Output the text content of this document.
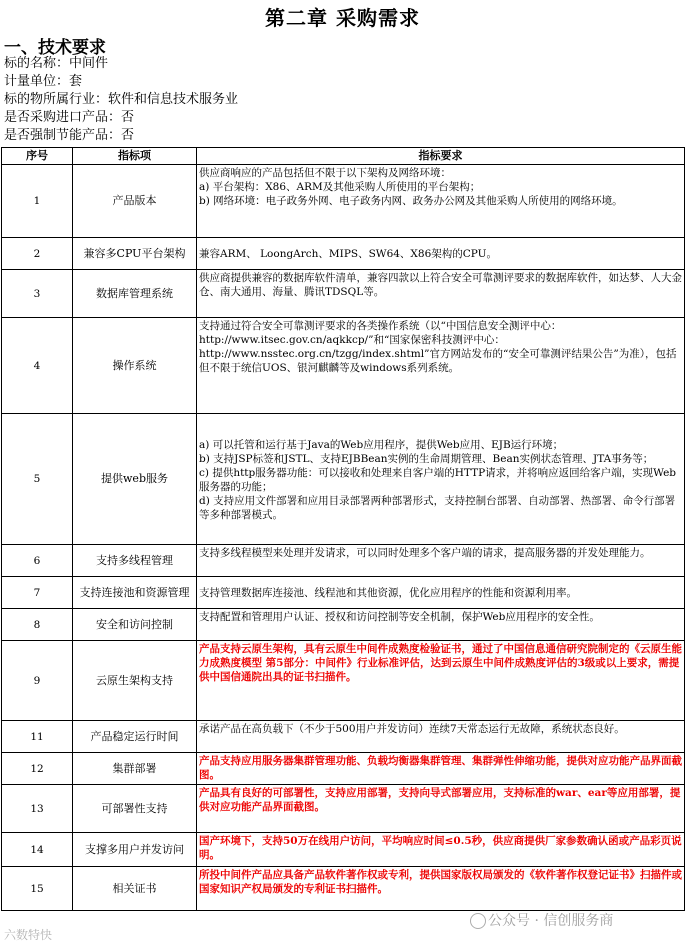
第二章 采购需求
一、技术要求
标的名称：中间件
计量单位：套
标的物所属行业：软件和信息技术服务业
是否采购进口产品：否
是否强制节能产品：否
序号	指标项	指标要求
1	产品版本	供应商响应的产品包括但不限于以下架构及网络环境：
a) 平台架构：X86、ARM及其他采购人所使用的平台架构；
b) 网络环境：电子政务外网、电子政务内网、政务办公网及其他采购人所使用的网络环境。

2	兼容多CPU平台架构	兼容ARM、 LoongArch、MIPS、SW64、X86架构的CPU。
3	数据库管理系统	供应商提供兼容的数据库软件清单，兼容四款以上符合安全可靠测评要求的数据库软件，如达梦、人大金仓、南大通用、海量、腾讯TDSQL等。
4	操作系统	支持通过符合安全可靠测评要求的各类操作系统（以“中国信息安全测评中心：http://www.itsec.gov.cn/aqkkcp/”和“国家保密科技测评中心：http://www.nsstec.org.cn/tzgg/index.shtml”官方网站发布的“安全可靠测评结果公告”为准），包括但不限于统信UOS、银河麒麟等及windows系列系统。
5	提供web服务	a) 可以托管和运行基于Java的Web应用程序，提供Web应用、EJB运行环境；
b) 支持JSP标签和JSTL、支持EJBBean实例的生命周期管理、Bean实例状态管理、JTA事务等；
c) 提供http服务器功能：可以接收和处理来自客户端的HTTP请求，并将响应返回给客户端，实现Web服务器的功能；
d) 支持应用文件部署和应用目录部署两种部署形式，支持控制台部署、自动部署、热部署、命令行部署等多种部署模式。

6	支持多线程管理	支持多线程模型来处理并发请求，可以同时处理多个客户端的请求，提高服务器的并发处理能力。
7	支持连接池和资源管理	支持管理数据库连接池、线程池和其他资源，优化应用程序的性能和资源利用率。
8	安全和访问控制	支持配置和管理用户认证、授权和访问控制等安全机制，保护Web应用程序的安全性。
9	云原生架构支持	产品支持云原生架构，具有云原生中间件成熟度检验证书，通过了中国信息通信研究院制定的《云原生能力成熟度模型 第5部分：中间件》行业标准评估，达到云原生中间件成熟度评估的3级或以上要求，需提供中国信通院出具的证书扫描件。
11	产品稳定运行时间	承诺产品在高负载下（不少于500用户并发访问）连续7天常态运行无故障，系统状态良好。
12	集群部署	产品支持应用服务器集群管理功能、负载均衡器集群管理、集群弹性伸缩功能，提供对应功能产品界面截图。
13	可部署性支持	产品具有良好的可部署性，支持应用部署，支持向导式部署应用，支持标准的war、ear等应用部署，提供对应功能产品界面截图。
14	支撑多用户并发访问	国产环境下，支持50万在线用户访问，平均响应时间≤0.5秒，供应商提供厂家参数确认函或产品彩页说明。
15	相关证书	所投中间件产品应具备产品软件著作权或专利，提供国家版权局颁发的《软件著作权登记证书》扫描件或国家知识产权局颁发的专利证书扫描件。
六数特快
公众号 · 信创服务商
